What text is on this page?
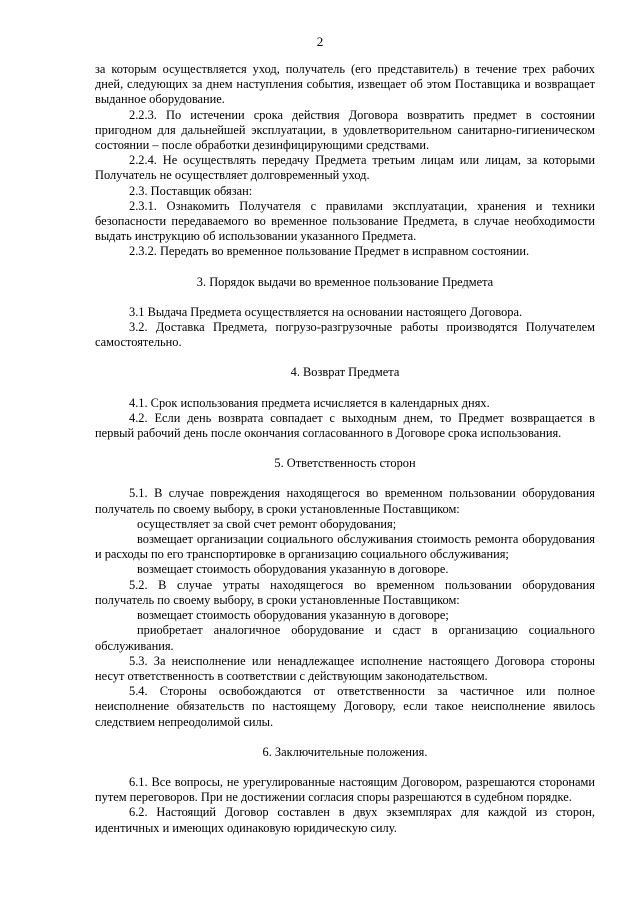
2

за которым осуществляется уход, получатель (его представитель) в течение трех рабочих дней, следующих за днем наступления события, извещает об этом Поставщика и возвращает выданное оборудование.

2.2.3. По истечении срока действия Договора возвратить предмет в состоянии пригодном для дальнейшей эксплуатации, в удовлетворительном санитарно-гигиеническом состоянии – после обработки дезинфицирующими средствами.

2.2.4. Не осуществлять передачу Предмета третьим лицам или лицам, за которыми Получатель не осуществляет долговременный уход.

2.3. Поставщик обязан:

2.3.1. Ознакомить Получателя с правилами эксплуатации, хранения и техники безопасности передаваемого во временное пользование Предмета, в случае необходимости выдать инструкцию об использовании указанного Предмета.

2.3.2. Передать во временное пользование Предмет в исправном состоянии.

3. Порядок выдачи во временное пользование Предмета

3.1 Выдача Предмета осуществляется на основании настоящего Договора.

3.2. Доставка Предмета, погрузо-разгрузочные работы производятся Получателем самостоятельно.

4. Возврат Предмета

4.1. Срок использования предмета исчисляется в календарных днях.

4.2. Если день возврата совпадает с выходным днем, то Предмет возвращается в первый рабочий день после окончания согласованного в Договоре срока использования.

5. Ответственность сторон

5.1. В случае повреждения находящегося во временном пользовании оборудования получатель по своему выбору, в сроки установленные Поставщиком:

осуществляет за свой счет ремонт оборудования;

возмещает организации социального обслуживания стоимость ремонта оборудования и расходы по его транспортировке в организацию социального обслуживания;

возмещает стоимость оборудования указанную в договоре.

5.2. В случае утраты находящегося во временном пользовании оборудования получатель по своему выбору, в сроки установленные Поставщиком:

возмещает стоимость оборудования указанную в договоре;

приобретает аналогичное оборудование и сдаст в организацию социального обслуживания.

5.3. За неисполнение или ненадлежащее исполнение настоящего Договора стороны несут ответственность в соответствии с действующим законодательством.

5.4. Стороны освобождаются от ответственности за частичное или полное неисполнение обязательств по настоящему Договору, если такое неисполнение явилось следствием непреодолимой силы.

6. Заключительные положения.

6.1. Все вопросы, не урегулированные настоящим Договором, разрешаются сторонами путем переговоров. При не достижении согласия споры разрешаются в судебном порядке.

6.2. Настоящий Договор составлен в двух экземплярах для каждой из сторон, идентичных и имеющих одинаковую юридическую силу.
